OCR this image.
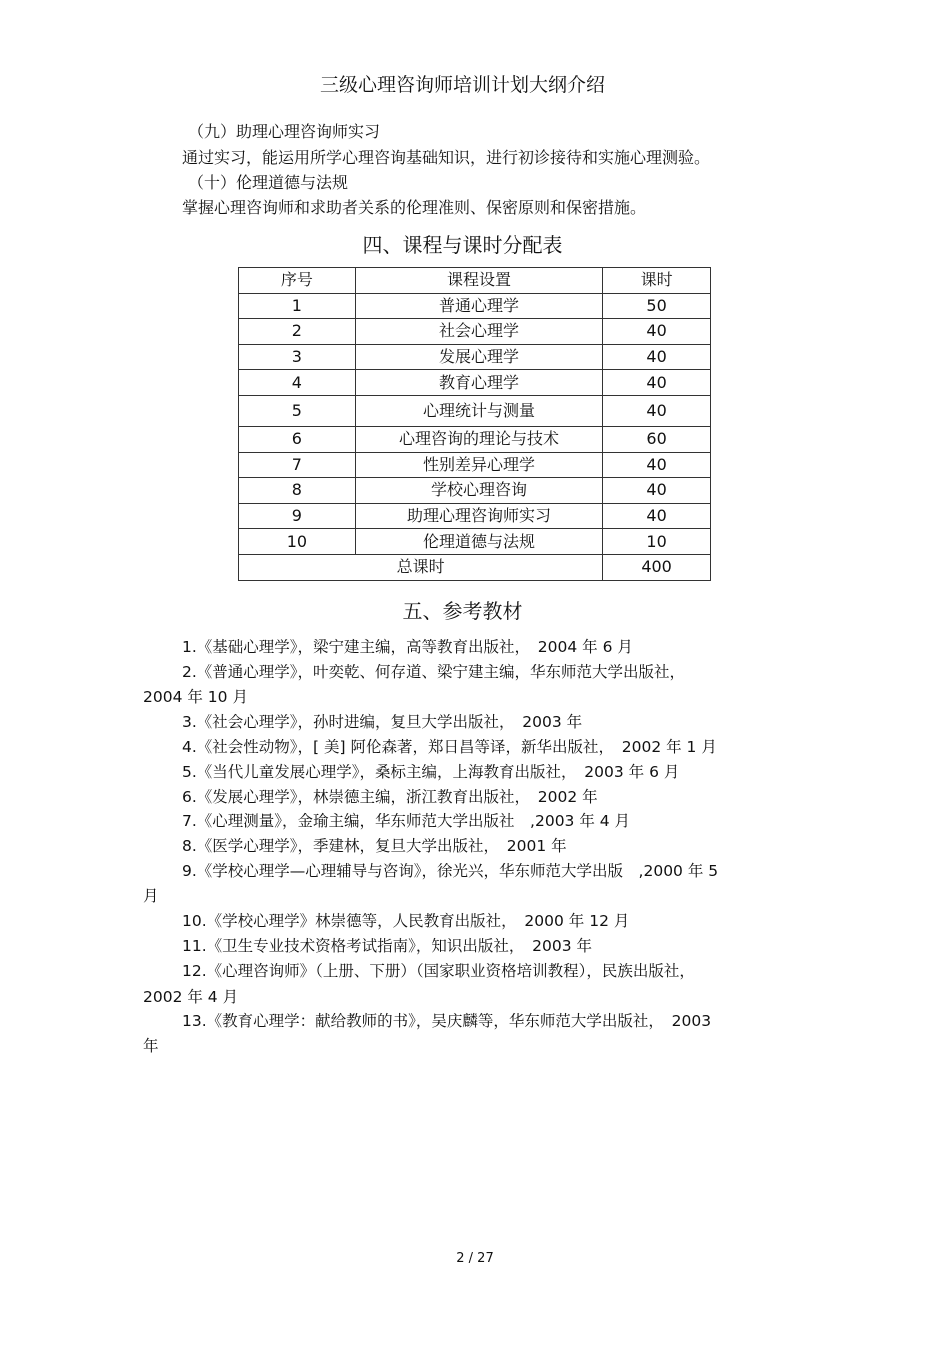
三级心理咨询师培训计划大纲介绍
（九）助理心理咨询师实习
通过实习，能运用所学心理咨询基础知识，进行初诊接待和实施心理测验。
（十）伦理道德与法规
掌握心理咨询师和求助者关系的伦理准则、保密原则和保密措施。
四、课程与课时分配表
序号	课程设置	课时
1	普通心理学	50
2	社会心理学	40
3	发展心理学	40
4	教育心理学	40
5	心理统计与测量	40
6	心理咨询的理论与技术	60
7	性别差异心理学	40
8	学校心理咨询	40
9	助理心理咨询师实习	40
10	伦理道德与法规	10
总课时		400
五、参考教材
1.《基础心理学》，梁宁建主编，高等教育出版社，　2004 年 6 月
2.《普通心理学》，叶奕乾、何存道、梁宁建主编，华东师范大学出版社，
2004 年 10 月
3.《社会心理学》，孙时进编，复旦大学出版社，　2003 年
4.《社会性动物》，[ 美] 阿伦森著，郑日昌等译，新华出版社，　2002 年 1 月
5.《当代儿童发展心理学》，桑标主编，上海教育出版社，　2003 年 6 月
6.《发展心理学》，林崇德主编，浙江教育出版社，　2002 年
7.《心理测量》，金瑜主编，华东师范大学出版社　,2003 年 4 月
8.《医学心理学》，季建林，复旦大学出版社，　2001 年
9.《学校心理学—心理辅导与咨询》，徐光兴，华东师范大学出版　,2000 年 5
月
10.《学校心理学》林崇德等，人民教育出版社，　2000 年 12 月
11.《卫生专业技术资格考试指南》，知识出版社，　2003 年
12.《心理咨询师》（上册、下册）（国家职业资格培训教程），民族出版社，
2002 年 4 月
13.《教育心理学：献给教师的书》，吴庆麟等，华东师范大学出版社，　2003
年
2 / 27
